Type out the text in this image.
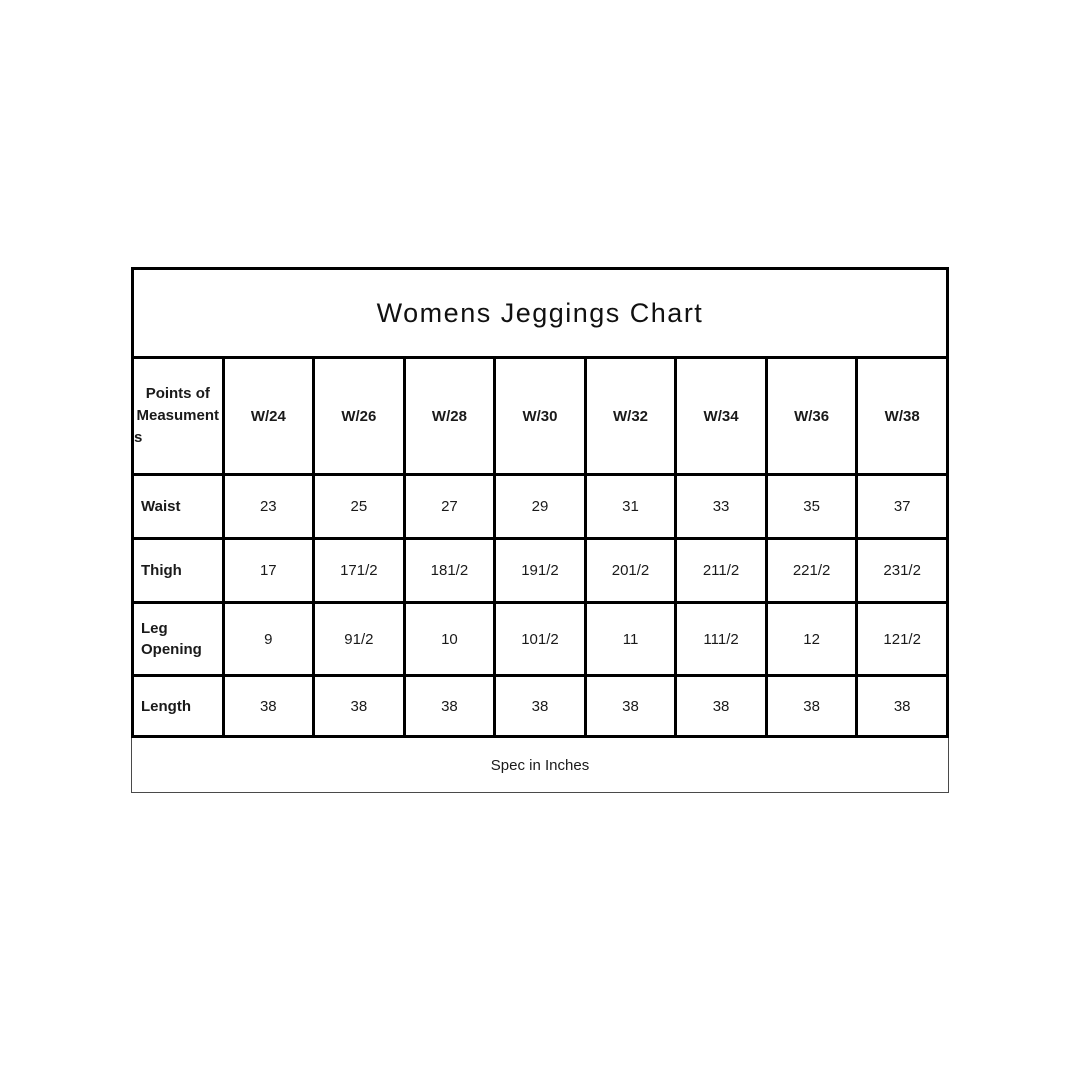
Womens Jeggings Chart								
Points of Measuments	W/24	W/26	W/28	W/30	W/32	W/34	W/36	W/38
Waist	23	25	27	29	31	33	35	37
Thigh	17	171/2	181/2	191/2	201/2	211/2	221/2	231/2
Leg Opening	9	91/2	10	101/2	11	111/2	12	121/2
Length	38	38	38	38	38	38	38	38
Spec in Inches
